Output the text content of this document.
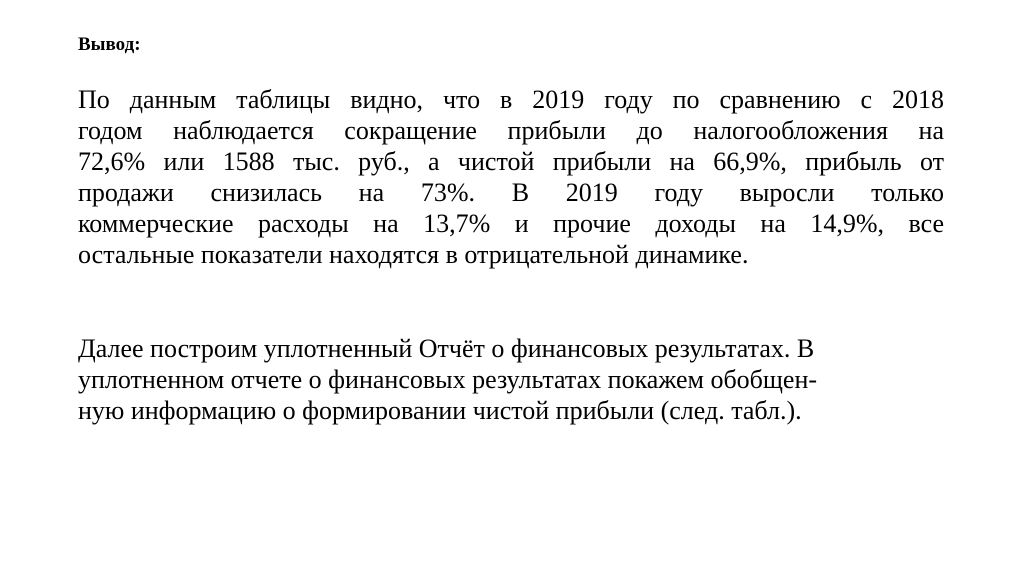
Вывод:
По данным таблицы видно, что в 2019 году по сравнению с 2018
годом наблюдается сокращение прибыли до налогообложения на
72,6% или 1588 тыс. руб., а чистой прибыли на 66,9%, прибыль от
продажи снизилась на 73%. В 2019 году выросли только
коммерческие расходы на 13,7% и прочие доходы на 14,9%, все
остальные показатели находятся в отрицательной динамике.
Далее построим уплотненный Отчёт о финансовых результатах. В
уплотненном отчете о финансовых результатах покажем обобщен-
ную информацию о формировании чистой прибыли (след. табл.).
